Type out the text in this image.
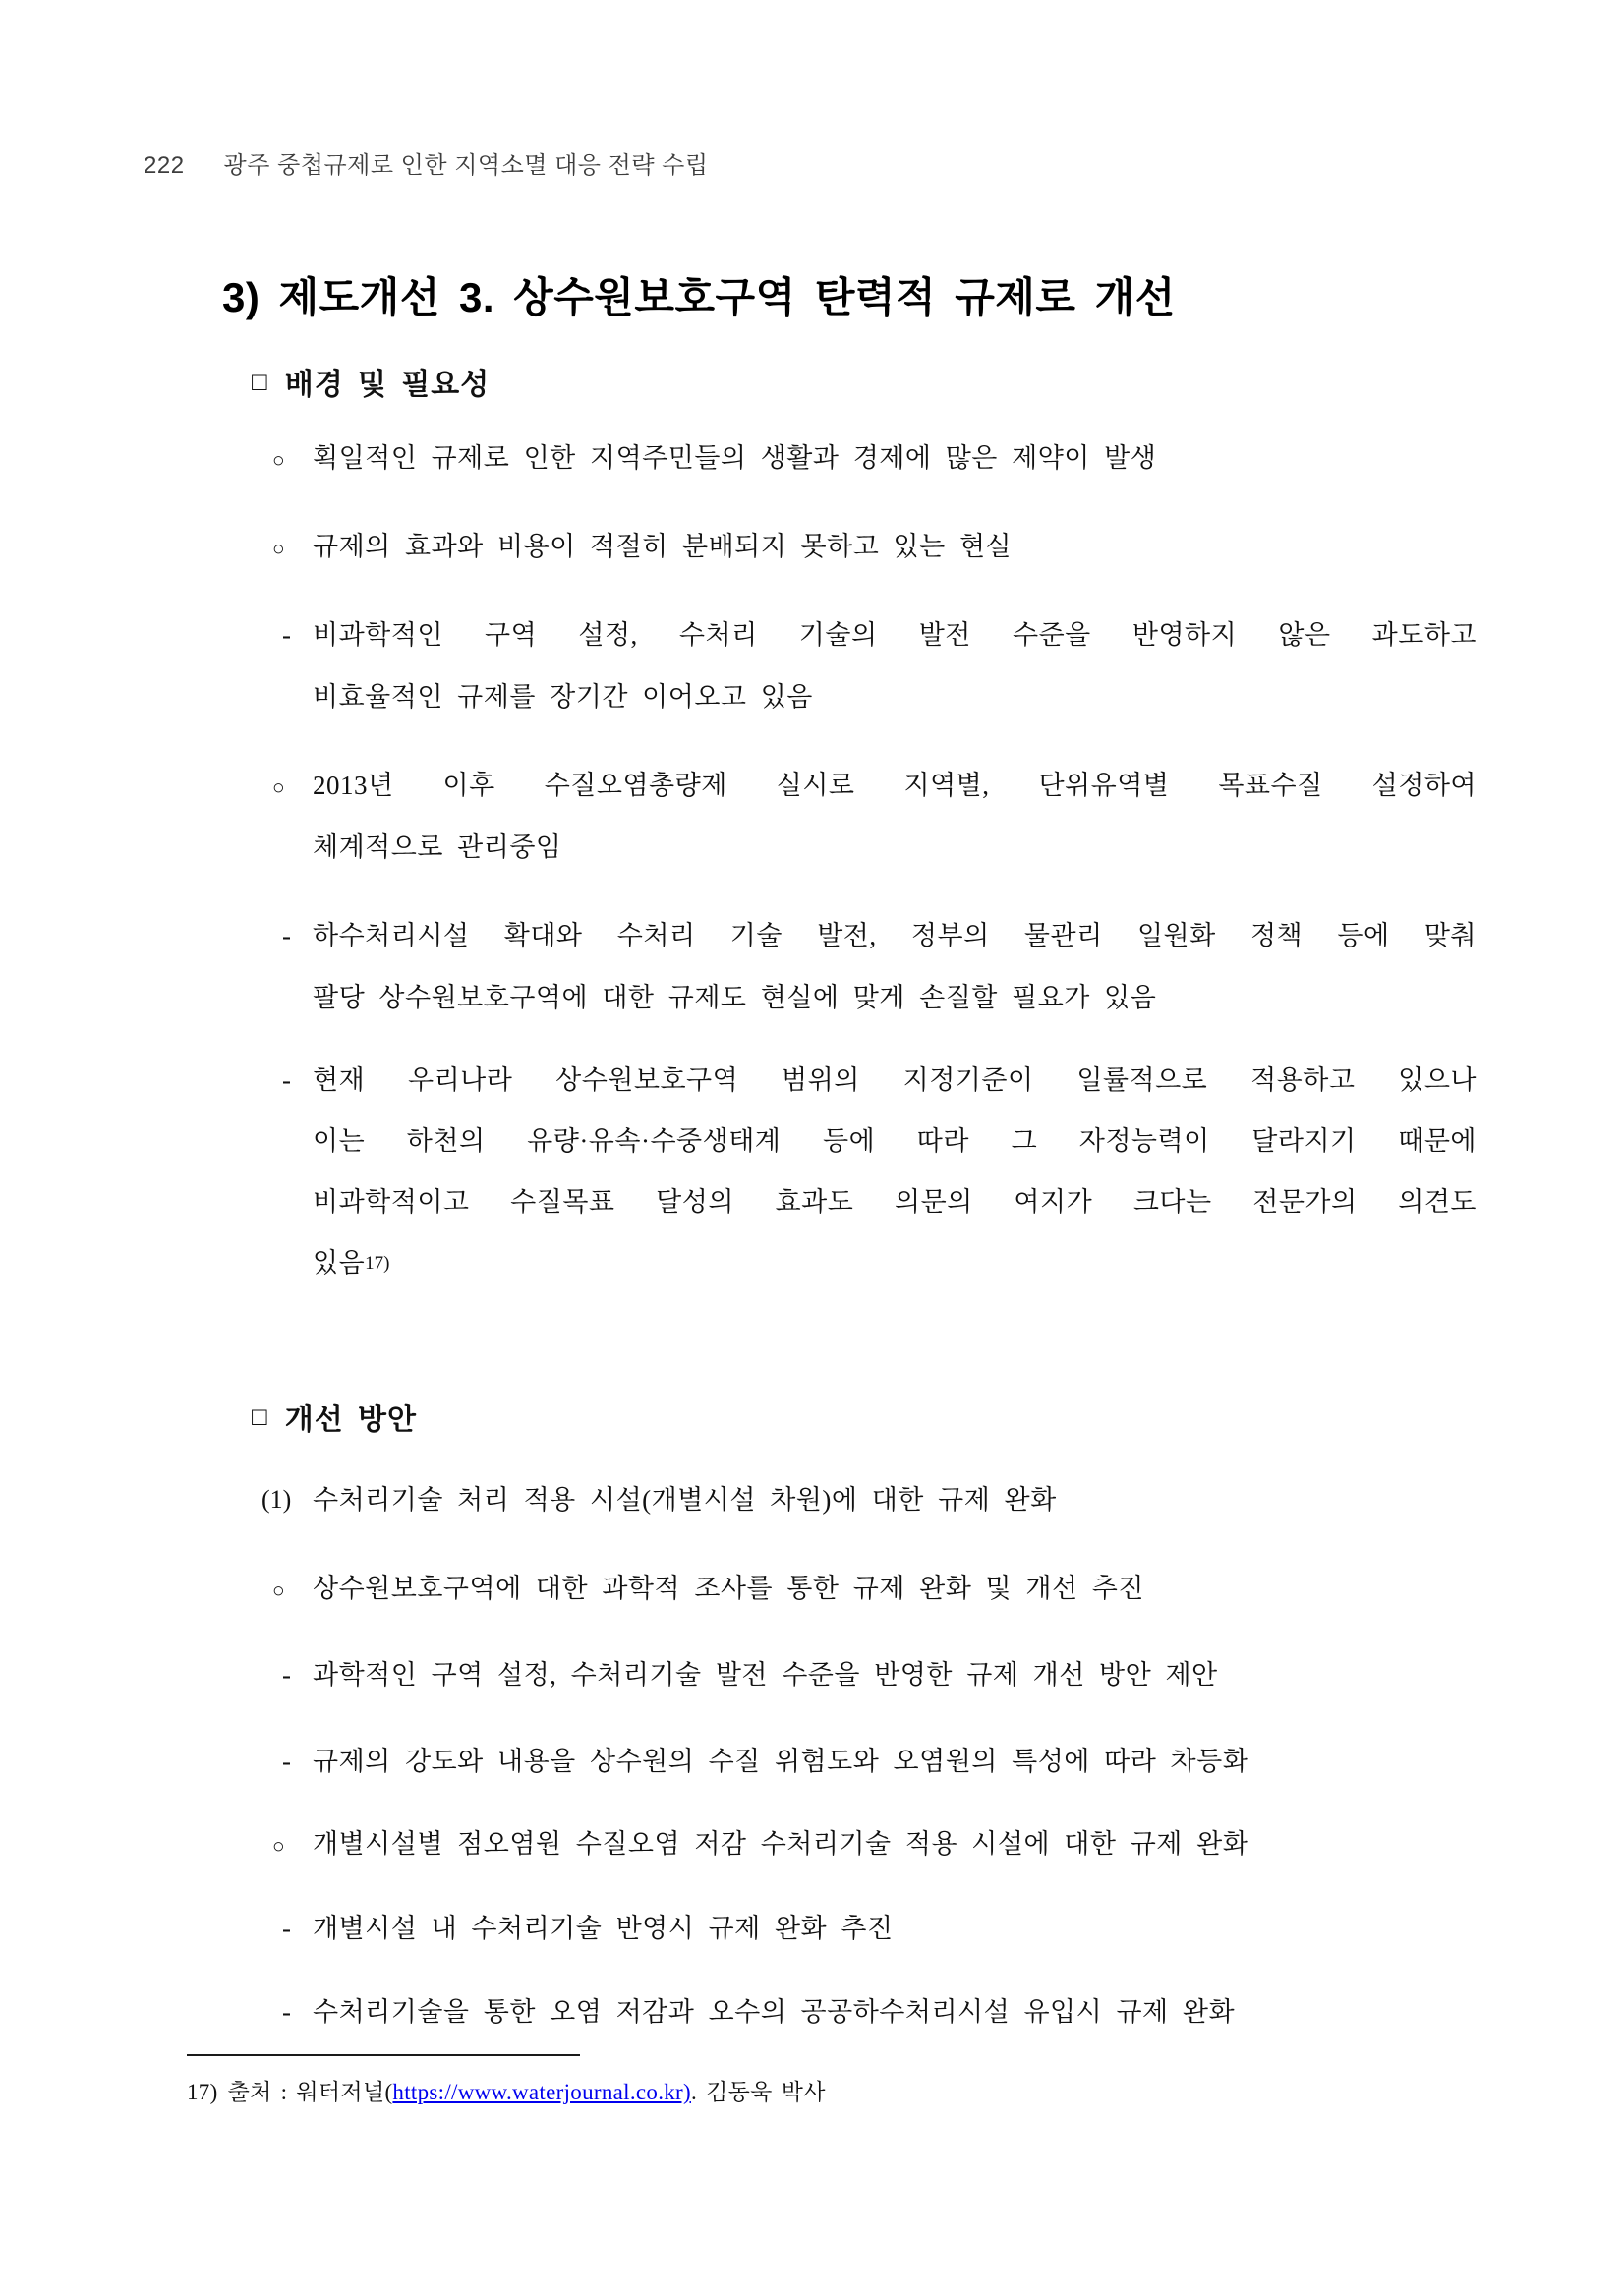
222 광주 중첩규제로 인한 지역소멸 대응 전략 수립
3) 제도개선 3. 상수원보호구역 탄력적 규제로 개선
□ 배경 및 필요성
○	획일적인 규제로 인한 지역주민들의 생활과 경제에 많은 제약이 발생
○	규제의 효과와 비용이 적절히 분배되지 못하고 있는 현실
- 비과학적인 구역 설정, 수처리 기술의 발전 수준을 반영하지 않은 과도하고
비효율적인 규제를 장기간 이어오고 있음
○	2013년 이후 수질오염총량제 실시로 지역별, 단위유역별 목표수질 설정하여
체계적으로 관리중임
- 하수처리시설 확대와 수처리 기술 발전, 정부의 물관리 일원화 정책 등에 맞춰
팔당 상수원보호구역에 대한 규제도 현실에 맞게 손질할 필요가 있음
- 현재 우리나라 상수원보호구역 범위의 지정기준이 일률적으로 적용하고 있으나
이는 하천의 유량·유속·수중생태계 등에 따라 그 자정능력이 달라지기 때문에
비과학적이고 수질목표 달성의 효과도 의문의 여지가 크다는 전문가의 의견도
있음17)
□ 개선 방안
(1) 수처리기술 처리 적용 시설(개별시설 차원)에 대한 규제 완화
○	상수원보호구역에 대한 과학적 조사를 통한 규제 완화 및 개선 추진
- 과학적인 구역 설정, 수처리기술 발전 수준을 반영한 규제 개선 방안 제안
- 규제의 강도와 내용을 상수원의 수질 위험도와 오염원의 특성에 따라 차등화
○	개별시설별 점오염원 수질오염 저감 수처리기술 적용 시설에 대한 규제 완화
- 개별시설 내 수처리기술 반영시 규제 완화 추진
- 수처리기술을 통한 오염 저감과 오수의 공공하수처리시설 유입시 규제 완화
17) 출처 : 워터저널(https://www.waterjournal.co.kr). 김동욱 박사
